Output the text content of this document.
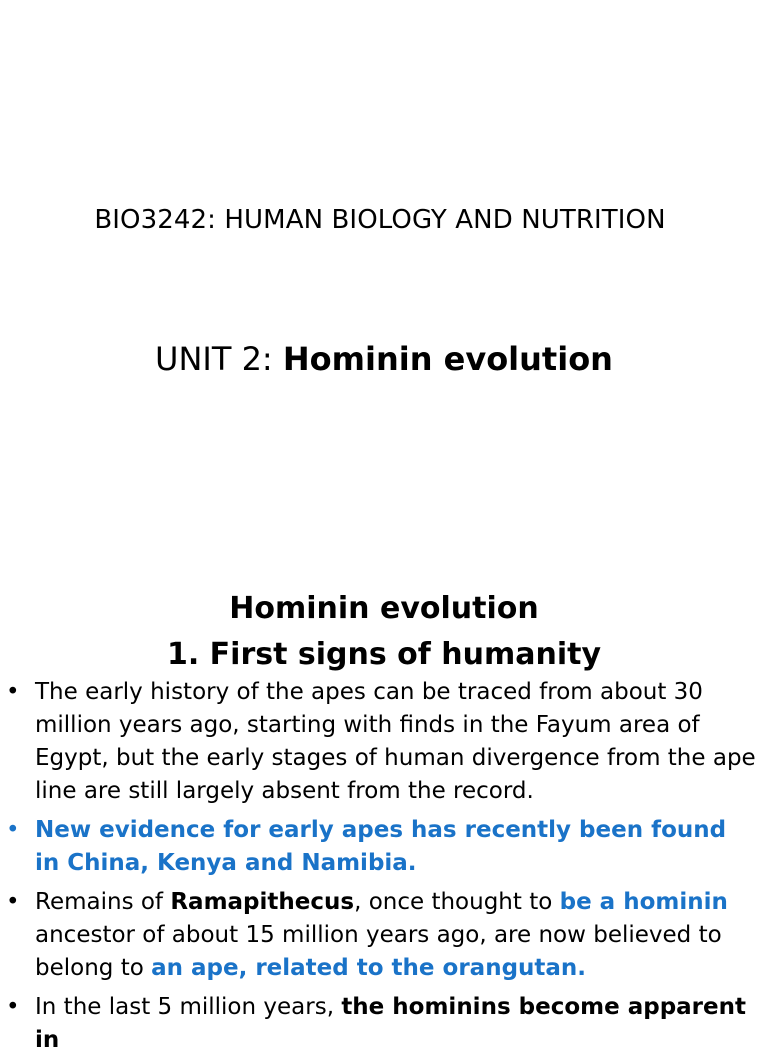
BIO3242: HUMAN BIOLOGY AND NUTRITION
UNIT 2: Hominin evolution
Hominin evolution
1. First signs of humanity
• The early history of the apes can be traced from about 30 million years ago, starting with finds in the Fayum area of Egypt, but the early stages of human divergence from the ape line are still largely absent from the record.
• New evidence for early apes has recently been found in China, Kenya and Namibia.
• Remains of Ramapithecus, once thought to be a hominin ancestor of about 15 million years ago, are now believed to belong to an ape, related to the orangutan.
• In the last 5 million years, the hominins become apparent in
